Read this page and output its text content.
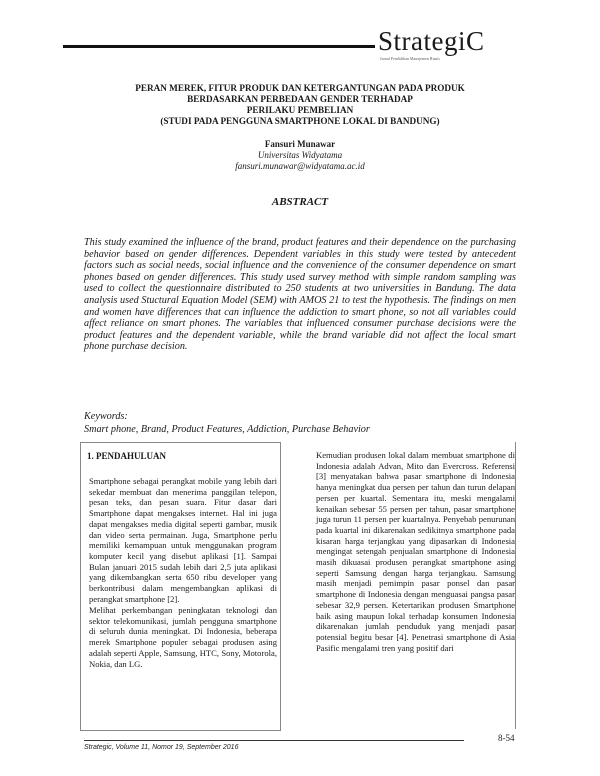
StrategiC
Jurnal Pendidikan Manajemen Bisnis
PERAN MEREK, FITUR PRODUK DAN KETERGANTUNGAN PADA PRODUK
BERDASARKAN PERBEDAAN GENDER TERHADAP
PERILAKU PEMBELIAN
(STUDI PADA PENGGUNA SMARTPHONE LOKAL DI BANDUNG)
Fansuri Munawar
Universitas Widyatama
fansuri.munawar@widyatama.ac.id
ABSTRACT

This study examined the influence of the brand, product features and their dependence on the purchasing behavior based on gender differences. Dependent variables in this study were tested by antecedent factors such as social needs, social influence and the convenience of the consumer dependence on smart phones based on gender differences. This study used survey method with simple random sampling was used to collect the questionnaire distributed to 250 students at two universities in Bandung. The data analysis used Stuctural Equation Model (SEM) with AMOS 21 to test the hypothesis. The findings on men and women have differences that can influence the addiction to smart phone, so not all variables could affect reliance on smart phones. The variables that influenced consumer purchase decisions were the product features and the dependent variable, while the brand variable did not affect the local smart phone purchase decision.

Keywords:
Smart phone, Brand, Product Features, Addiction, Purchase Behavior
1. PENDAHULUAN

Smartphone sebagai perangkat mobile yang lebih dari sekedar membuat dan menerima panggilan telepon, pesan teks, dan pesan suara. Fitur dasar dari Smartphone dapat mengakses internet. Hal ini juga dapat mengakses media digital seperti gambar, musik dan video serta permainan. Juga, Smartphone perlu memiliki kemampuan untuk menggunakan program komputer kecil yang disebut aplikasi [1]. Sampai Bulan januari 2015 sudah lebih dari 2,5 juta aplikasi yang dikembangkan serta 650 ribu developer yang berkontribusi dalam mengembangkan aplikasi di perangkat smartphone [2].

Melihat perkembangan peningkatan teknologi dan sektor telekomunikasi, jumlah pengguna smartphone di seluruh dunia meningkat. Di Indonesia, beberapa merek Smartphone populer sebagai produsen asing adalah seperti Apple, Samsung, HTC, Sony, Motorola, Nokia, dan LG.

Kemudian produsen lokal dalam membuat smartphone di Indonesia adalah Advan, Mito dan Evercross. Referensi [3] menyatakan bahwa pasar smartphone di Indonesia hanya meningkat dua persen per tahun dan turun delapan persen per kuartal. Sementara itu, meski mengalami kenaikan sebesar 55 persen per tahun, pasar smartphone juga turun 11 persen per kuartalnya. Penyebab penurunan pada kuartal ini dikarenakan sedikitnya smartphone pada kisaran harga terjangkau yang dipasarkan di Indonesia mengingat setengah penjualan smartphone di Indonesia masih dikuasai produsen perangkat smartphone asing seperti Samsung dengan harga terjangkau. Samsung masih menjadi pemimpin pasar ponsel dan pasar smartphone di Indonesia dengan menguasai pangsa pasar sebesar 32,9 persen. Ketertarikan produsen Smartphone baik asing maupun lokal terhadap konsumen Indonesia dikarenakan jumlah penduduk yang menjadi pasar potensial begitu besar [4]. Penetrasi smartphone di Asia Pasific mengalami tren yang positif dari

Strategic, Volume 11, Nomor 19, September 2016
8-54
